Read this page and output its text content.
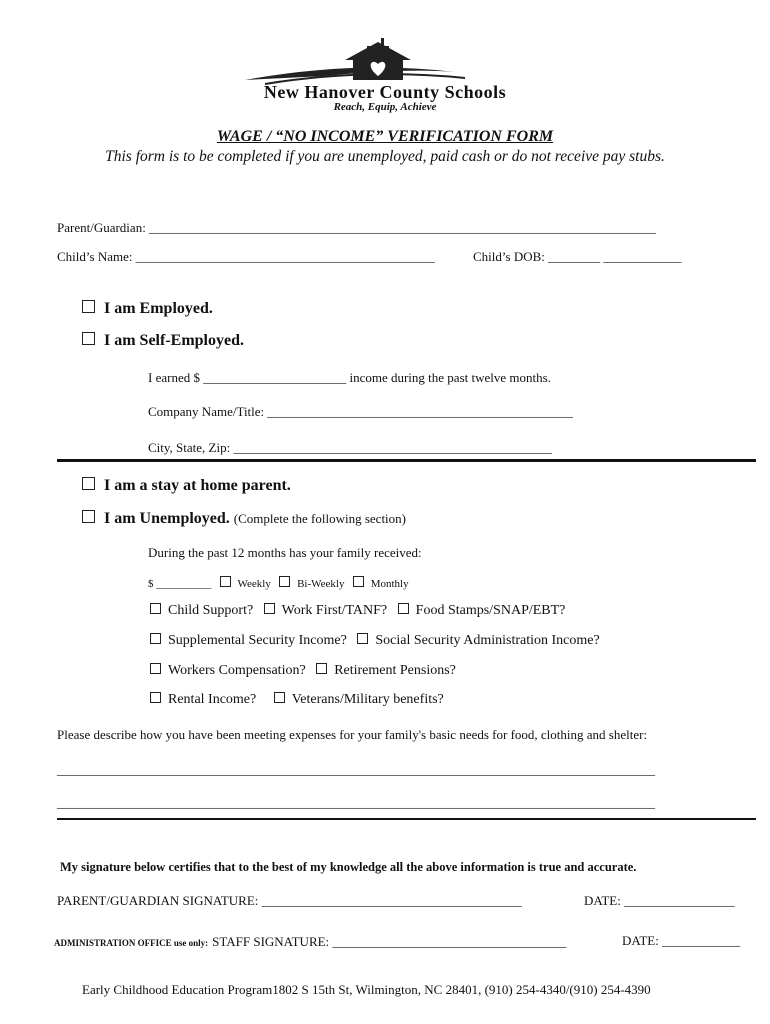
New Hanover County Schools
Reach, Equip, Achieve
WAGE / “NO INCOME” VERIFICATION FORM
This form is to be completed if you are unemployed, paid cash or do not receive pay stubs.
Parent/Guardian: ______________________________________________________________________________
Child’s Name: ______________________________________________	Child’s DOB: ________ ____________
I am Employed.
I am Self-Employed.
I earned $ ______________________ income during the past twelve months.
Company Name/Title: _______________________________________________
City, State, Zip: _________________________________________________
I am a stay at home parent.
I am Unemployed. (Complete the following section)
During the past 12 months has your family received:
$ __________ Weekly Bi-Weekly Monthly
Child Support? Work First/TANF? Food Stamps/SNAP/EBT?
Supplemental Security Income? Social Security Administration Income?
Workers Compensation? Retirement Pensions?
Rental Income?	Veterans/Military benefits?
Please describe how you have been meeting expenses for your family's basic needs for food, clothing and shelter:
____________________________________________________________________________________________
____________________________________________________________________________________________
My signature below certifies that to the best of my knowledge all the above information is true and accurate.
PARENT/GUARDIAN SIGNATURE: ________________________________________	DATE: _________________
ADMINISTRATION OFFICE use only: STAFF SIGNATURE: ____________________________________	DATE: ____________
Early Childhood Education Program1802 S 15th St, Wilmington, NC 28401, (910) 254-4340/(910) 254-4390
